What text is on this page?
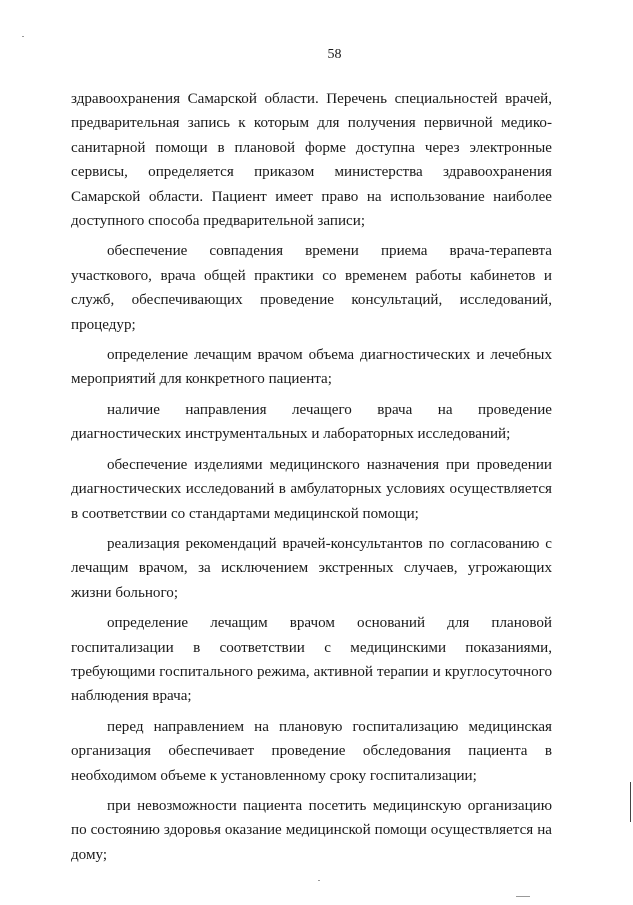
58

здравоохранения Самарской области. Перечень специальностей врачей, предварительная запись к которым для получения первичной медико-санитарной помощи в плановой форме доступна через электронные сервисы, определяется приказом министерства здравоохранения Самарской области. Пациент имеет право на использование наиболее доступного способа предварительной записи;

обеспечение совпадения времени приема врача-терапевта участкового, врача общей практики со временем работы кабинетов и служб, обеспечивающих проведение консультаций, исследований, процедур;

определение лечащим врачом объема диагностических и лечебных мероприятий для конкретного пациента;

наличие направления лечащего врача на проведение диагностических инструментальных и лабораторных исследований;

обеспечение изделиями медицинского назначения при проведении диагностических исследований в амбулаторных условиях осуществляется в соответствии со стандартами медицинской помощи;

реализация рекомендаций врачей-консультантов по согласованию с лечащим врачом, за исключением экстренных случаев, угрожающих жизни больного;

определение лечащим врачом оснований для плановой госпитализации в соответствии с медицинскими показаниями, требующими госпитального режима, активной терапии и круглосуточного наблюдения врача;

перед направлением на плановую госпитализацию медицинская организация обеспечивает проведение обследования пациента в необходимом объеме к установленному сроку госпитализации;

при невозможности пациента посетить медицинскую организацию по состоянию здоровья оказание медицинской помощи осуществляется на дому;
